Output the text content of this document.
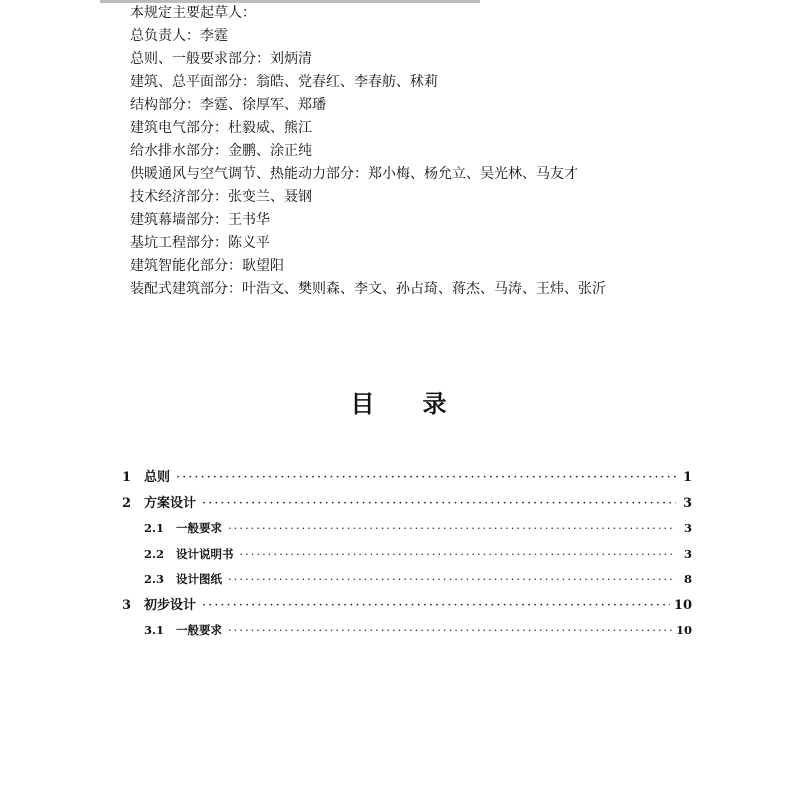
本规定主要起草人：
总负责人：李霆
总则、一般要求部分：刘炳清
建筑、总平面部分：翁皓、党春红、李春舫、秫莉
结构部分：李霆、徐厚军、郑璠
建筑电气部分：杜毅威、熊江
给水排水部分：金鹏、涂正纯
供暖通风与空气调节、热能动力部分：郑小梅、杨允立、吴光林、马友才
技术经济部分：张变兰、聂钢
建筑幕墙部分：王书华
基坑工程部分：陈义平
建筑智能化部分：耿望阳
装配式建筑部分：叶浩文、樊则森、李文、孙占琦、蒋杰、马涛、王炜、张沂
目录
1 总则 ·····	1
2 方案设计 ·····	3
2.1	一般要求 ·····	3
2.2	设计说明书 ·····	3
2.3	设计图纸 ·····	8
3 初步设计 ·····	10
3.1	一般要求 ·····	10
